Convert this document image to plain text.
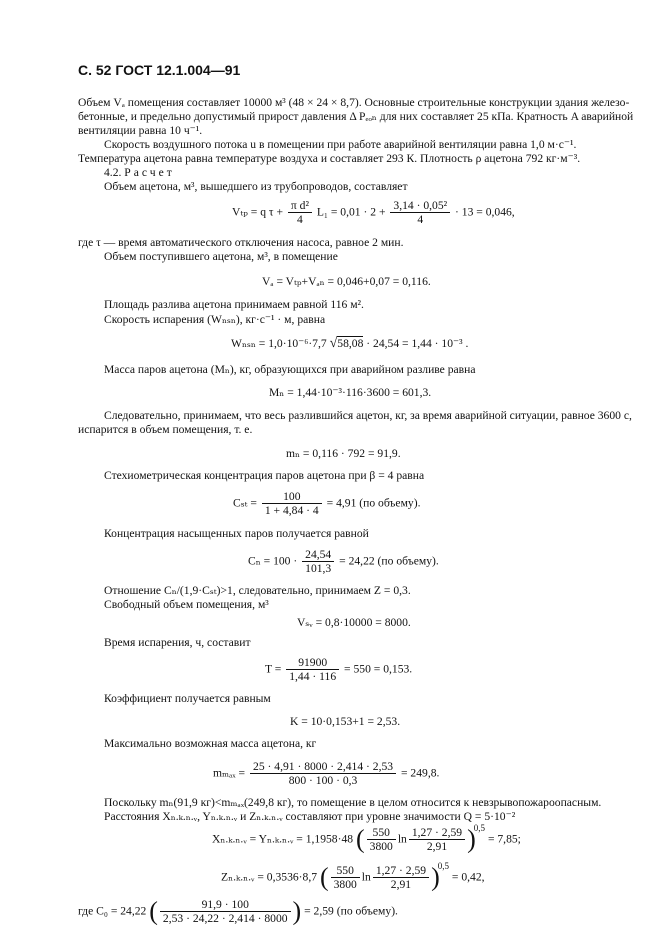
С. 52 ГОСТ 12.1.004—91
Объем Vₐ помещения составляет 10000 м³ (48 × 24 × 8,7). Основные строительные конструкции здания железо-
бетонные, и предельно допустимый прирост давления Δ Pₑₒₙ для них составляет 25 кПа. Кратность A аварийной
вентиляции равна 10 ч⁻¹.
Скорость воздушного потока u в помещении при работе аварийной вентиляции равна 1,0 м·с⁻¹.
Температура ацетона равна температуре воздуха и составляет 293 К. Плотность ρ ацетона 792 кг·м⁻³.
4.2. Расчет
Объем ацетона, м³, вышедшего из трубопроводов, составляет
Vₜₚ = q $\tau + \frac{\text{π d²}}{4} L_1 = 0,01 \cdot 2 + \frac{\text{3,14 · 0,05²}}{4} \cdot 13 = 0,046$,
где τ — время автоматического отключения насоса, равное 2 мин.
Объем поступившего ацетона, м³, в помещение
Vₐ = Vₜₚ+Vₐₙ = 0,046+0,07 = 0,116.
Площадь разлива ацетона принимаем равной 116 м².
Скорость испарения (Wₙₛₙ), кг·с⁻¹ · м, равна
Wₙₛₙ = 1,0·10⁻⁶·7,7 √58,08 · 24,54 = 1,44 · 10⁻³ .
Масса паров ацетона (Mₙ), кг, образующихся при аварийном разливе равна
Mₙ = 1,44·10⁻³·116·3600 = 601,3.
Следовательно, принимаем, что весь разлившийся ацетон, кг, за время аварийной ситуации, равное 3600 с,
испарится в объем помещения, т. е.
mₙ = 0,116 · 792 = 91,9.
Стехиометрическая концентрация паров ацетона при β = 4 равна
$C_{st} = \frac{100}{1 + 4,84 \cdot 4} = 4,91$ (по объему).
Концентрация насыщенных паров получается равной
$C_n = 100 \cdot \frac{24,54}{101,3} = 24,22$ (по объему).
Отношение Cₙ/(1,9·Cₛₜ)>1, следовательно, принимаем Z = 0,3.
Свободный объем помещения, м³
Vₛᵥ = 0,8·10000 = 8000.
Время испарения, ч, составит
$T = \frac{91900}{1,44 \cdot 116} = 550 = 0,153$.
Коэффициент получается равным
K = 10·0,153+1 = 2,53.
Максимально возможная масса ацетона, кг
$m_{max} = \frac{25 \cdot 4,91 \cdot 8000 \cdot 2,414 \cdot 2,53}{800 \cdot 100 \cdot 0,3} = 249,8$.
Поскольку mₙ(91,9 кг)<mₘₐₓ(249,8 кг), то помещение в целом относится к невзрывопожароопасным.
Расстояния Xₙ.ₖ.ₙ.ᵥ, Yₙ.ₖ.ₙ.ᵥ и Zₙ.ₖ.ₙ.ᵥ составляют при уровне значимости Q = 5·10⁻²
Xₙ.ₖ.ₙ.ᵥ = Yₙ.ₖ.ₙ.ᵥ = 1,1958·48 ( $\frac{550}{3800}$ $\ln \frac{1,27 \cdot 2,59}{2,91} )^{0,5} = 7,85$;
Zₙ.ₖ.ₙ.ᵥ = 0,3536·8,7 ( $\frac{550}{3800}$ $\ln \frac{1,27 \cdot 2,59}{2,91} )^{0,5} = 0,42$,
где C₀ = 24,22 ( $\frac{91,9 \cdot 100}{2,53 \cdot 24,22 \cdot 2,414 \cdot 8000}$ ) = 2,59 (по объему).
